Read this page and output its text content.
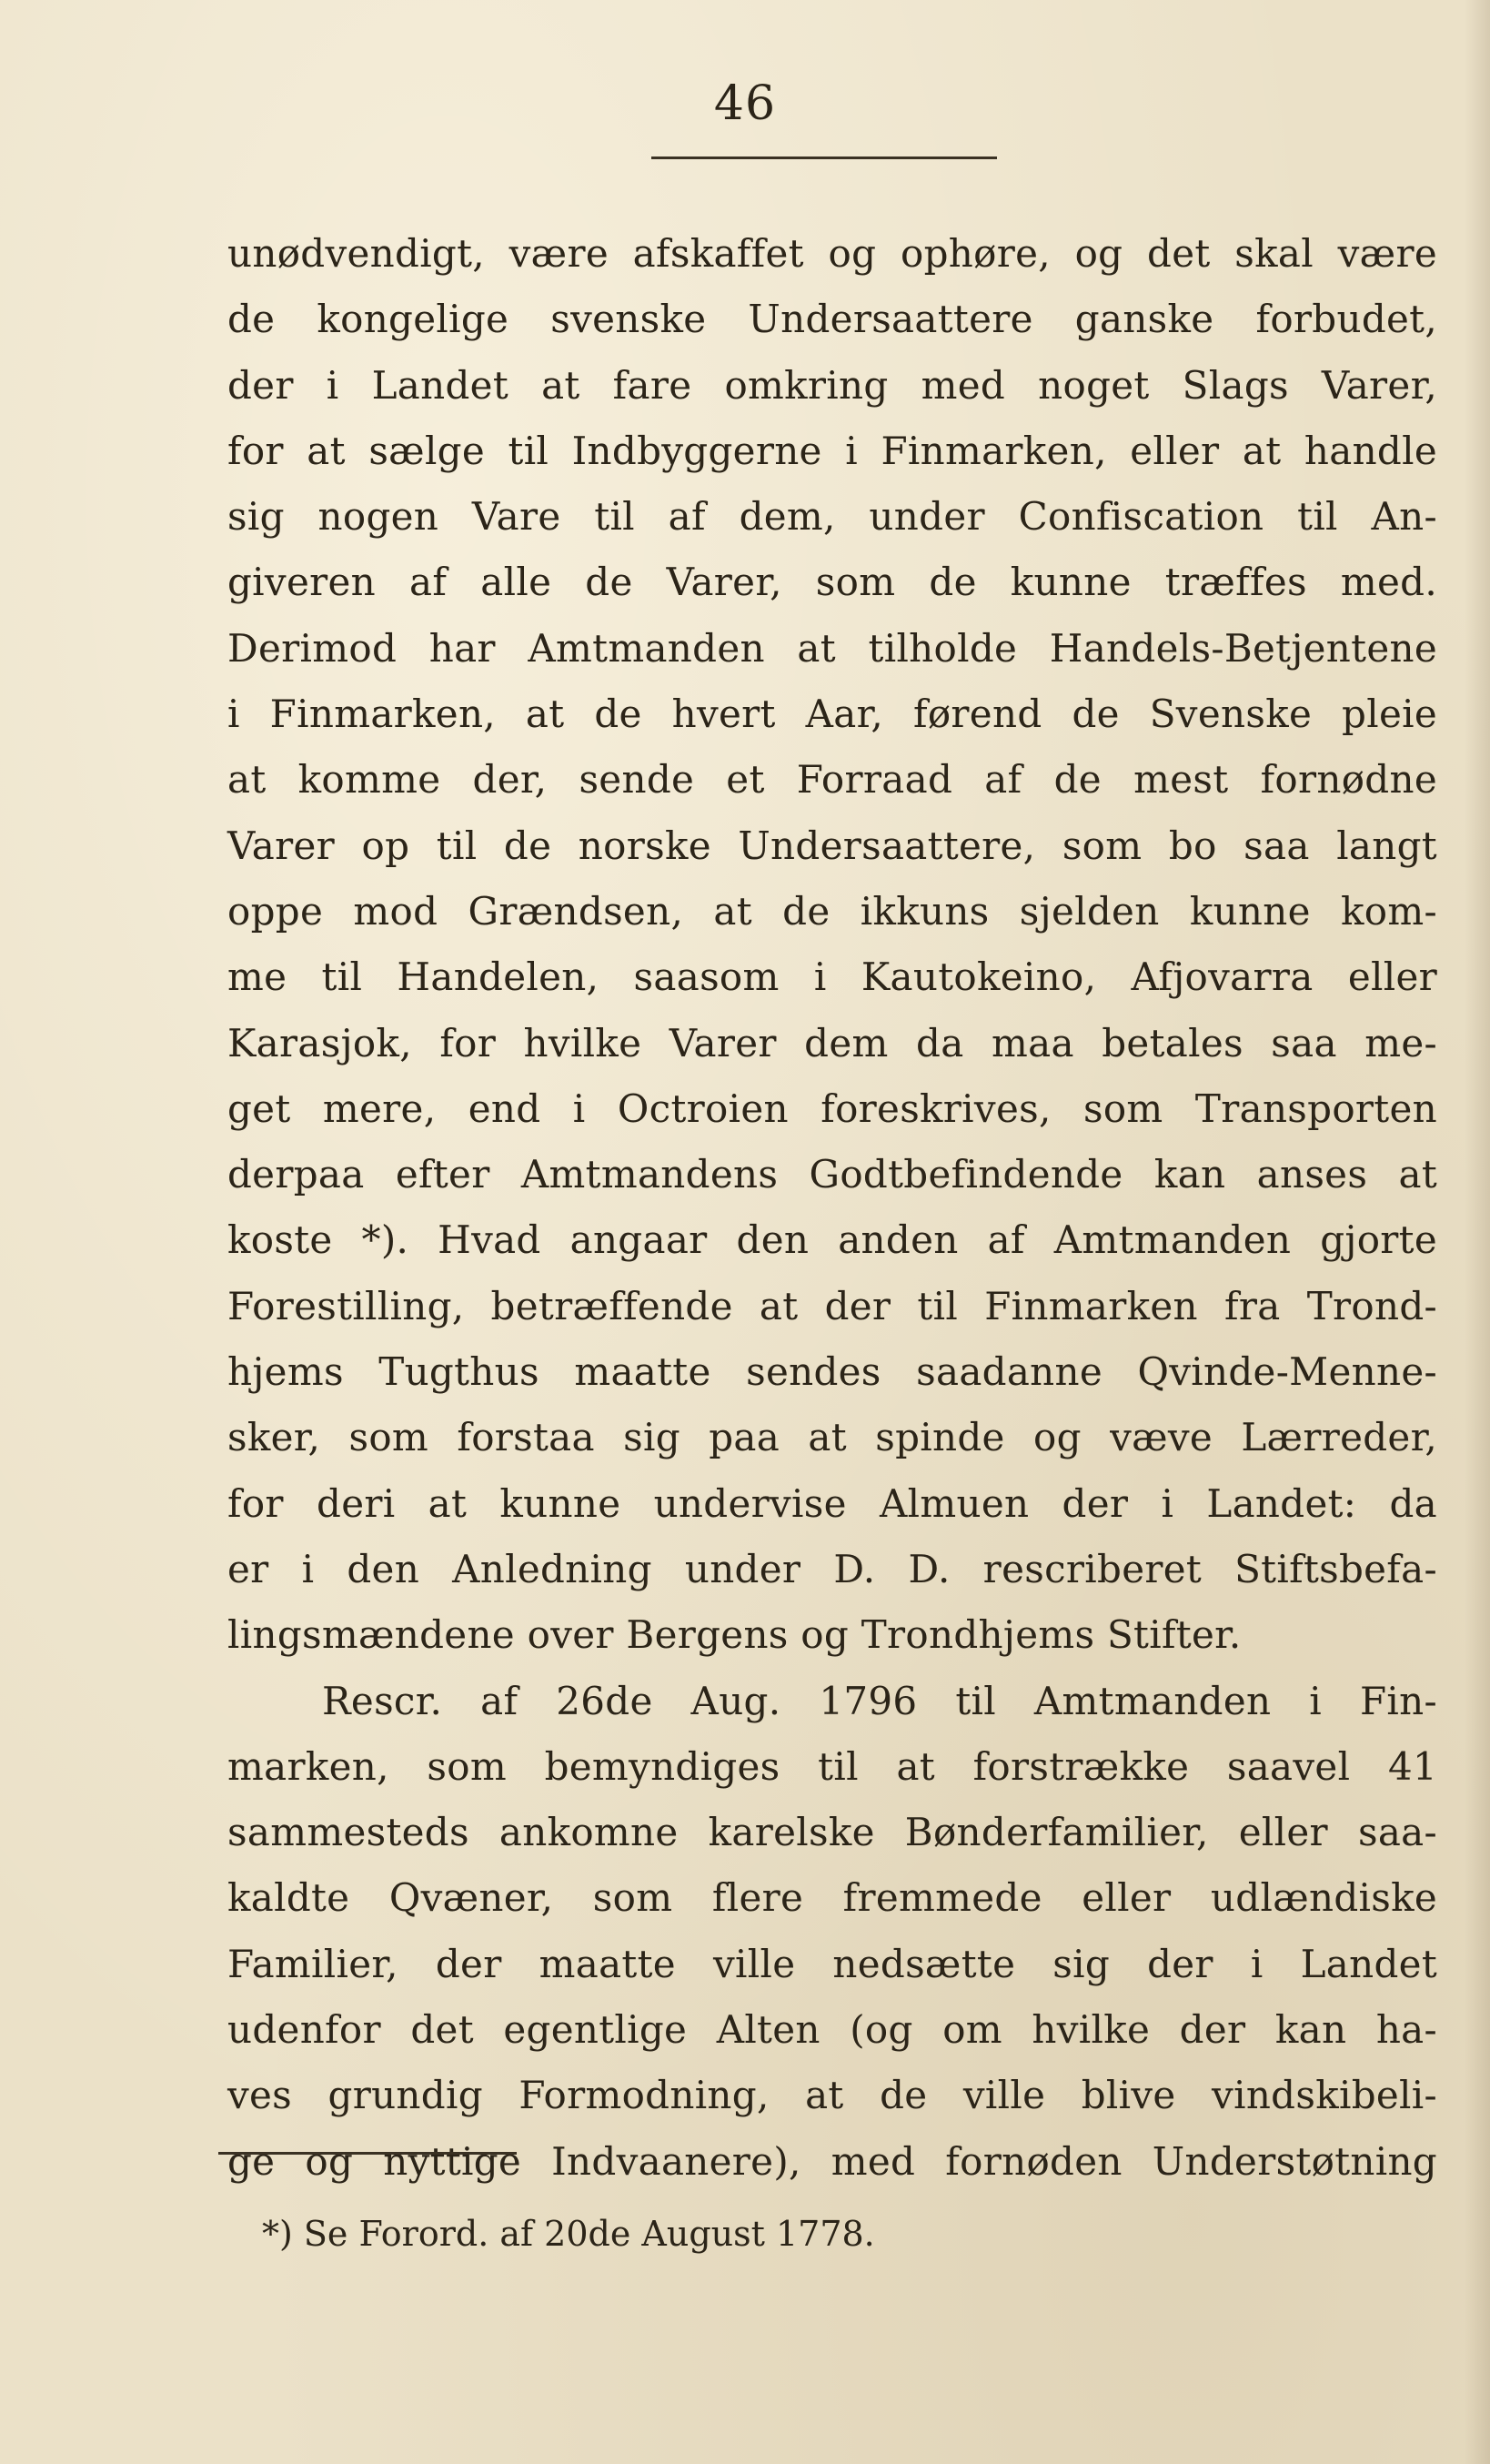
46
unødvendigt, være afskaffet og ophøre, og det skal være
de kongelige svenske Undersaattere ganske forbudet,
der i Landet at fare omkring med noget Slags Varer,
for at sælge til Indbyggerne i Finmarken, eller at handle
sig nogen Vare til af dem, under Confiscation til An-
giveren af alle de Varer, som de kunne træffes med.
Derimod har Amtmanden at tilholde Handels-Betjentene
i Finmarken, at de hvert Aar, førend de Svenske pleie
at komme der, sende et Forraad af de mest fornødne
Varer op til de norske Undersaattere, som bo saa langt
oppe mod Grændsen, at de ikkuns sjelden kunne kom-
me til Handelen, saasom i Kautokeino, Afjovarra eller
Karasjok, for hvilke Varer dem da maa betales saa me-
get mere, end i Octroien foreskrives, som Transporten
derpaa efter Amtmandens Godtbefindende kan anses at
koste *). Hvad angaar den anden af Amtmanden gjorte
Forestilling, betræffende at der til Finmarken fra Trond-
hjems Tugthus maatte sendes saadanne Qvinde-Menne-
sker, som forstaa sig paa at spinde og væve Lærreder,
for deri at kunne undervise Almuen der i Landet: da
er i den Anledning under D. D. rescriberet Stiftsbefa-
lingsmændene over Bergens og Trondhjems Stifter.
Rescr. af 26de Aug. 1796 til Amtmanden i Fin-
marken, som bemyndiges til at forstrække saavel 41
sammesteds ankomne karelske Bønderfamilier, eller saa-
kaldte Qvæner, som flere fremmede eller udlændiske
Familier, der maatte ville nedsætte sig der i Landet
udenfor det egentlige Alten (og om hvilke der kan ha-
ves grundig Formodning, at de ville blive vindskibeli-
ge og nyttige Indvaanere), med fornøden Understøtning
*) Se Forord. af 20de August 1778.
